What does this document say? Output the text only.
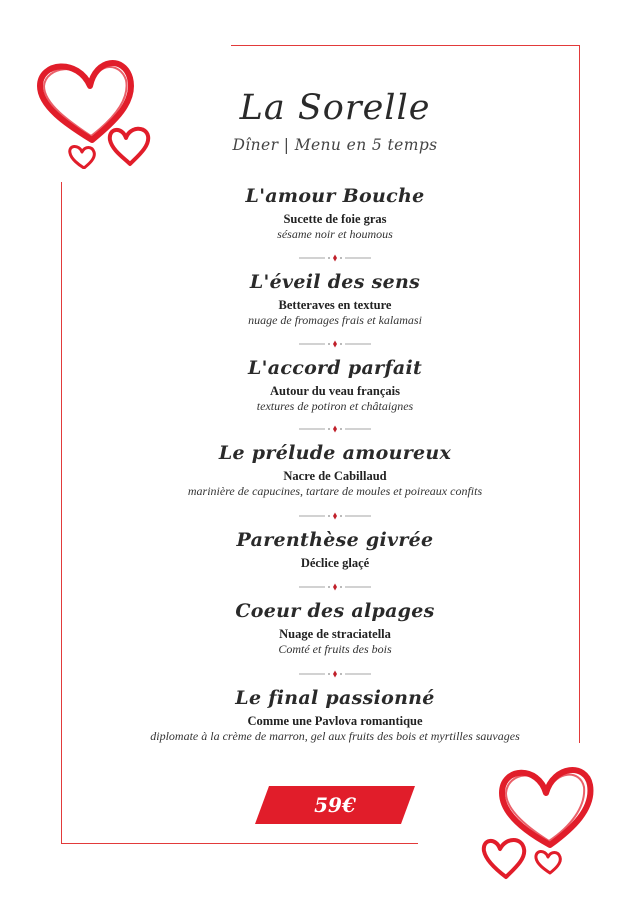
La Sorelle
Dîner | Menu en 5 temps
L'amour Bouche
Sucette de foie gras
sésame noir et houmous
L'éveil des sens
Betteraves en texture
nuage de fromages frais et kalamasi
L'accord parfait
Autour du veau français
textures de potiron et châtaignes
Le prélude amoureux
Nacre de Cabillaud
marinière de capucines, tartare de moules et poireaux confits
Parenthèse givrée
Déclice glaçé
Coeur des alpages
Nuage de straciatella
Comté et fruits des bois
Le final passionné
Comme une Pavlova romantique
diplomate à la crème de marron, gel aux fruits des bois et myrtilles sauvages
59€
